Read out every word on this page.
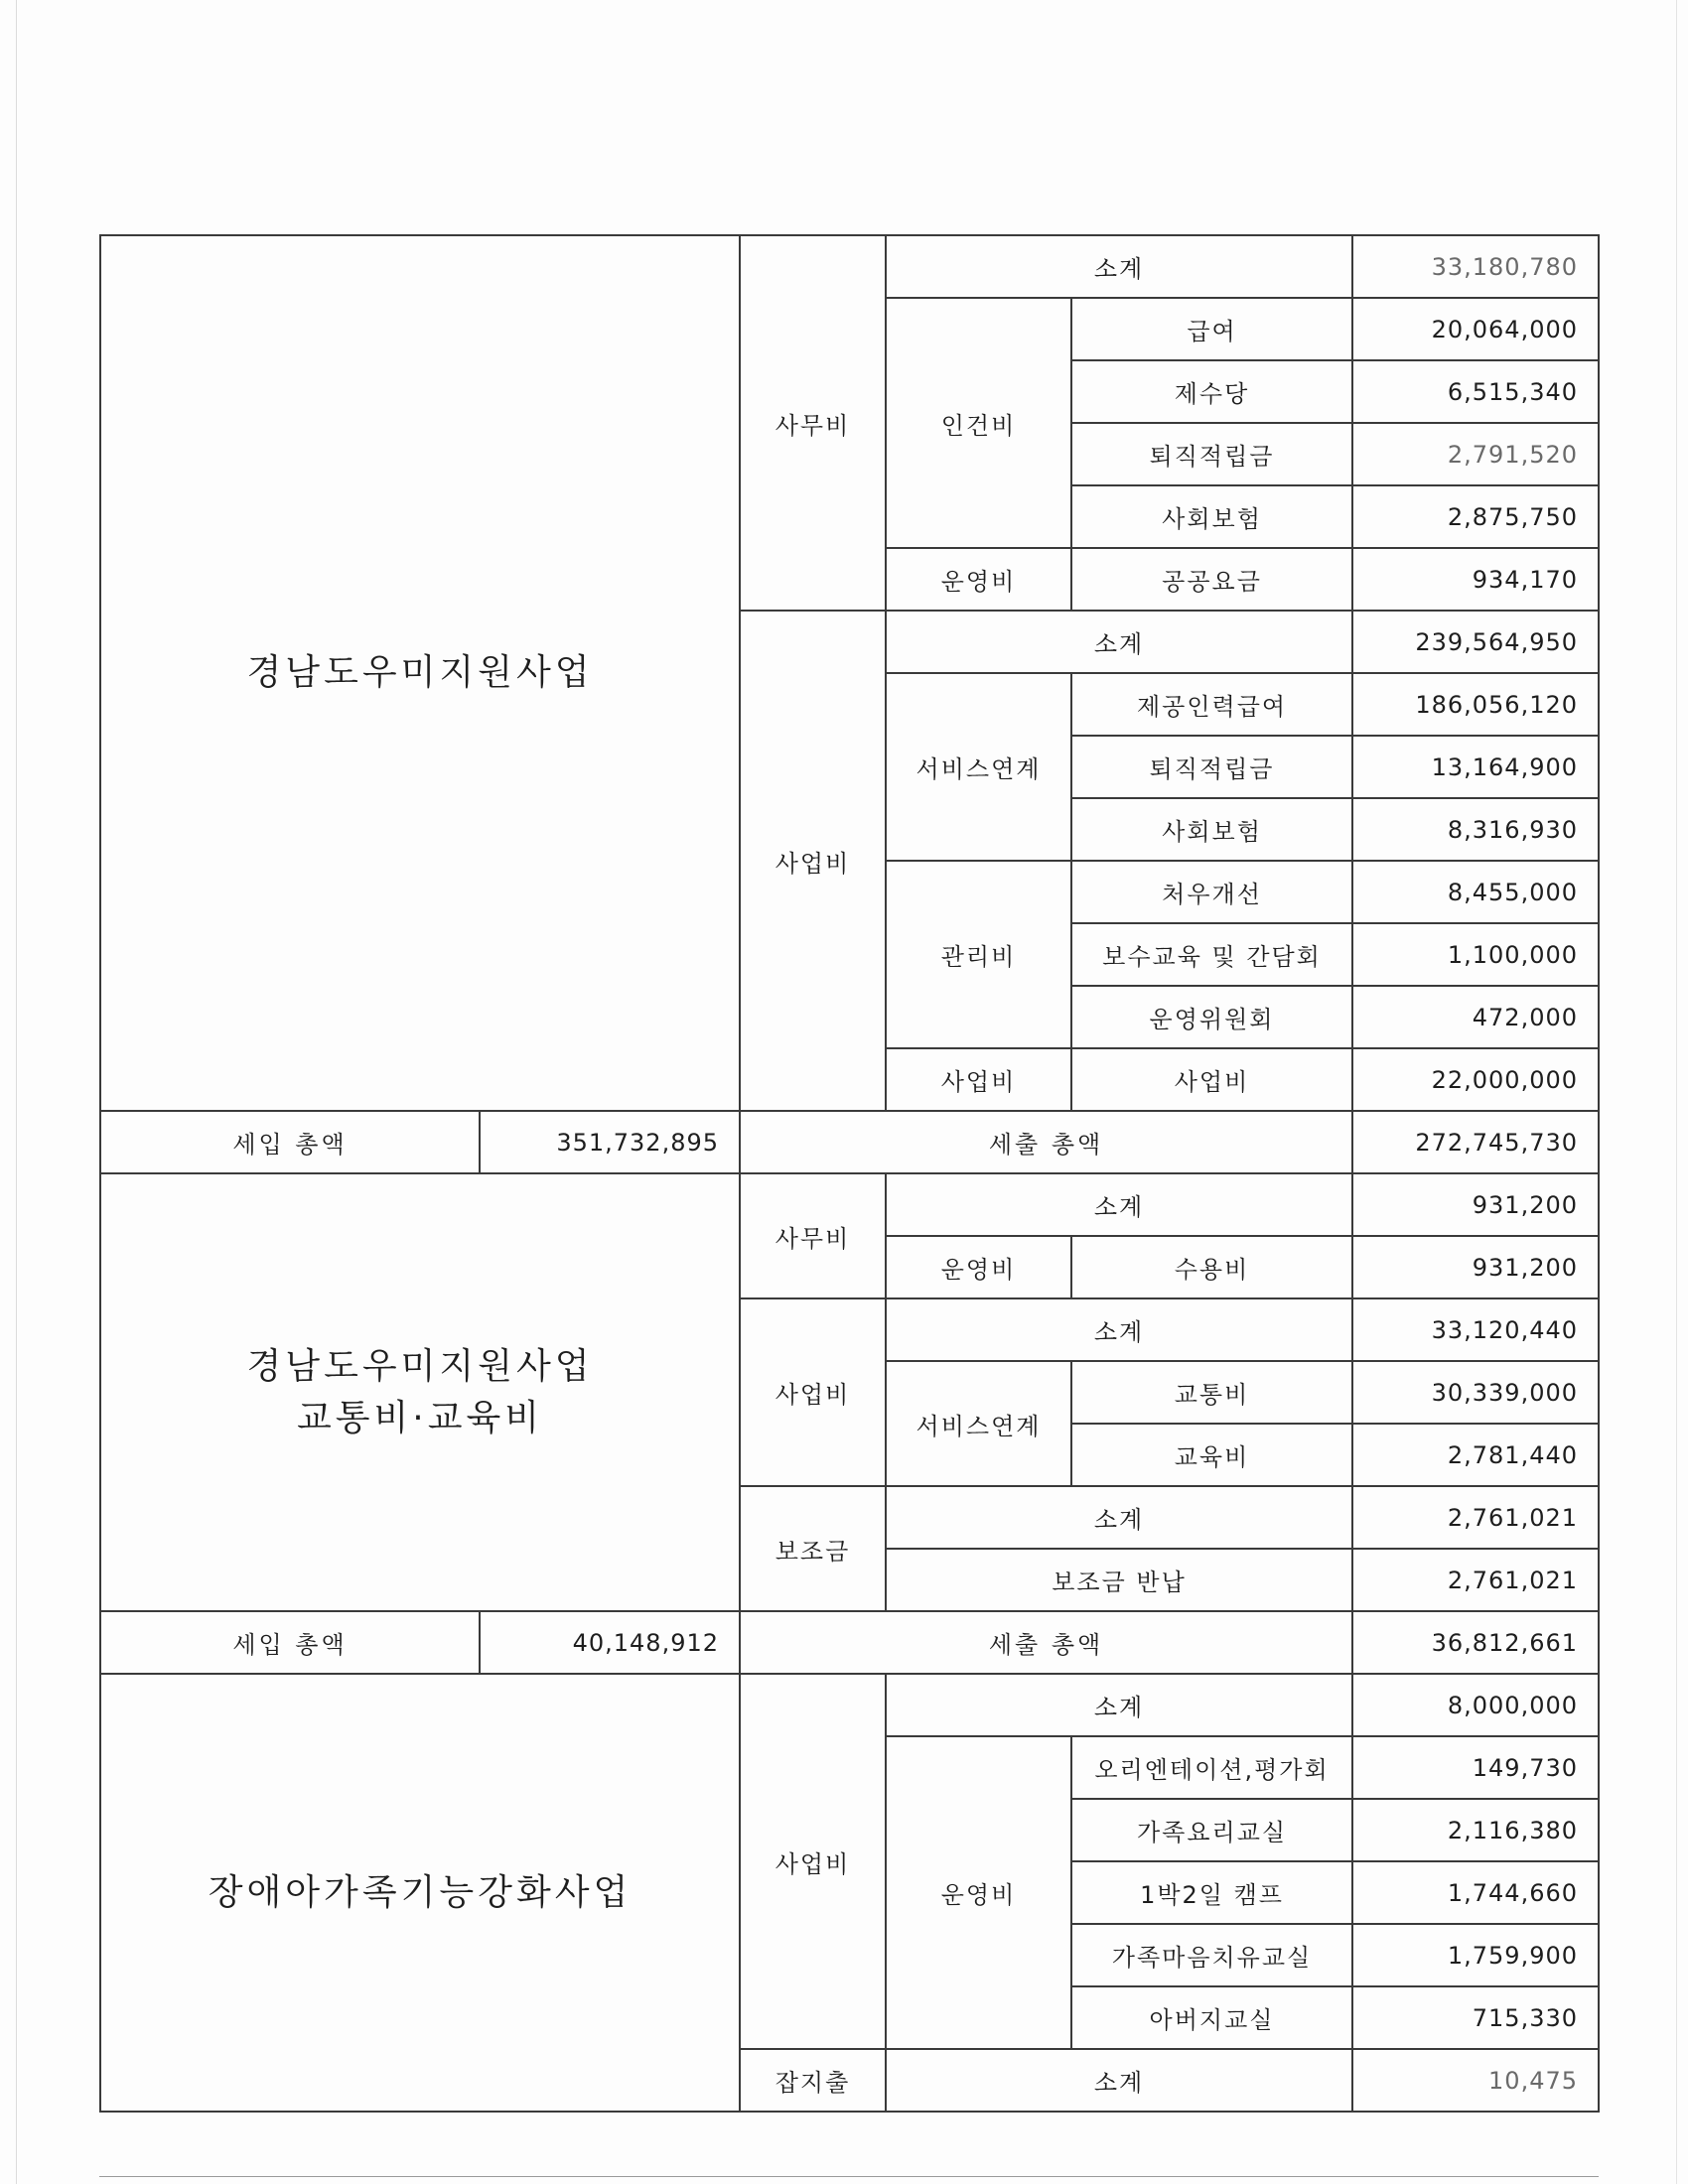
경남도우미지원사업		사무비	소계		33,180,780
			인건비	급여	20,064,000
				제수당	6,515,340
				퇴직적립금	2,791,520
				사회보험	2,875,750
			운영비	공공요금	934,170
		사업비	소계		239,564,950
			서비스연계	제공인력급여	186,056,120
				퇴직적립금	13,164,900
				사회보험	8,316,930
			관리비	처우개선	8,455,000
				보수교육 및 간담회	1,100,000
				운영위원회	472,000
			사업비	사업비	22,000,000
세입 총액	351,732,895	세출 총액			272,745,730

경남도우미지원사업
교통비·교육비		사무비	소계		931,200
			운영비	수용비	931,200
		사업비	소계		33,120,440
			서비스연계	교통비	30,339,000
				교육비	2,781,440
		보조금	소계		2,761,021
			보조금 반납		2,761,021
세입 총액	40,148,912	세출 총액			36,812,661
장애아가족기능강화사업		사업비	소계		8,000,000
			운영비	오리엔테이션,평가회	149,730
				가족요리교실	2,116,380
				1박2일 캠프	1,744,660
				가족마음치유교실	1,759,900
				아버지교실	715,330
		잡지출	소계		10,475
